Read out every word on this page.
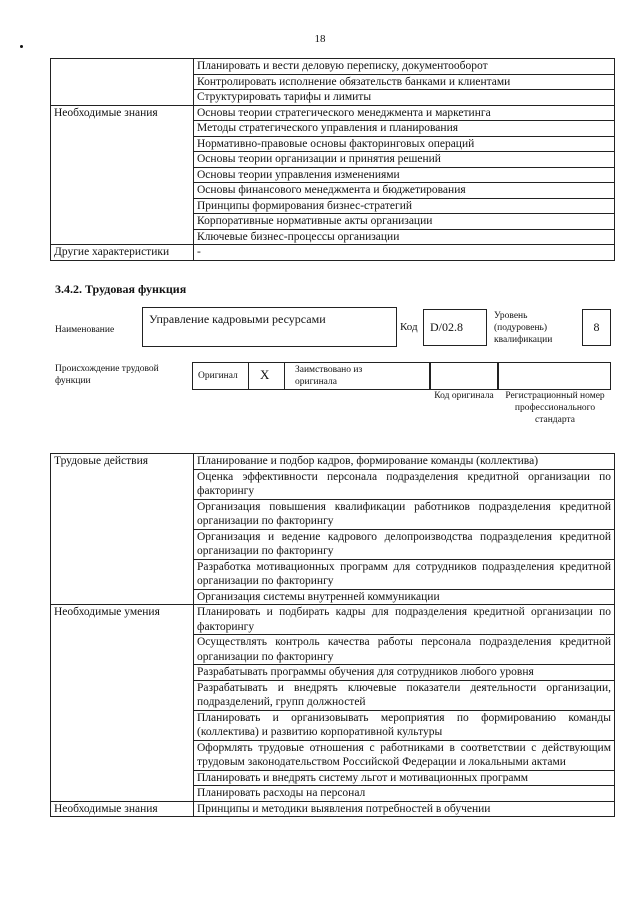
18
	Планировать и вести деловую переписку, документооборот
	Контролировать исполнение обязательств банками и клиентами
	Структурировать тарифы и лимиты
Необходимые знания	Основы теории стратегического менеджмента и маркетинга
	Методы стратегического управления и планирования
	Нормативно-правовые основы факторинговых операций
	Основы теории организации и принятия решений
	Основы теории управления изменениями
	Основы финансового менеджмента и бюджетирования
	Принципы формирования бизнес-стратегий
	Корпоративные нормативные акты организации
	Ключевые бизнес-процессы организации
Другие характеристики	-
3.4.2. Трудовая функция
Наименование
Управление кадровыми ресурсами
Код	D/02.8
Уровень (подуровень) квалификации
8
Происхождение трудовой функции	Оригинал X	Заимствовано из оригинала
Код оригинала	Регистрационный номер профессионального стандарта
Трудовые действия	Планирование и подбор кадров, формирование команды (коллектива)
	Оценка эффективности персонала подразделения кредитной организации по факторингу
	Организация повышения квалификации работников подразделения кредитной организации по факторингу
	Организация и ведение кадрового делопроизводства подразделения кредитной организации по факторингу
	Разработка мотивационных программ для сотрудников подразделения кредитной организации по факторингу
	Организация системы внутренней коммуникации
Необходимые умения	Планировать и подбирать кадры для подразделения кредитной организации по факторингу
	Осуществлять контроль качества работы персонала подразделения кредитной организации по факторингу
	Разрабатывать программы обучения для сотрудников любого уровня
	Разрабатывать и внедрять ключевые показатели деятельности организации, подразделений, групп должностей
	Планировать и организовывать мероприятия по формированию команды (коллектива) и развитию корпоративной культуры
	Оформлять трудовые отношения с работниками в соответствии с действующим трудовым законодательством Российской Федерации и локальными актами
	Планировать и внедрять систему льгот и мотивационных программ
	Планировать расходы на персонал
Необходимые знания	Принципы и методики выявления потребностей в обучении
